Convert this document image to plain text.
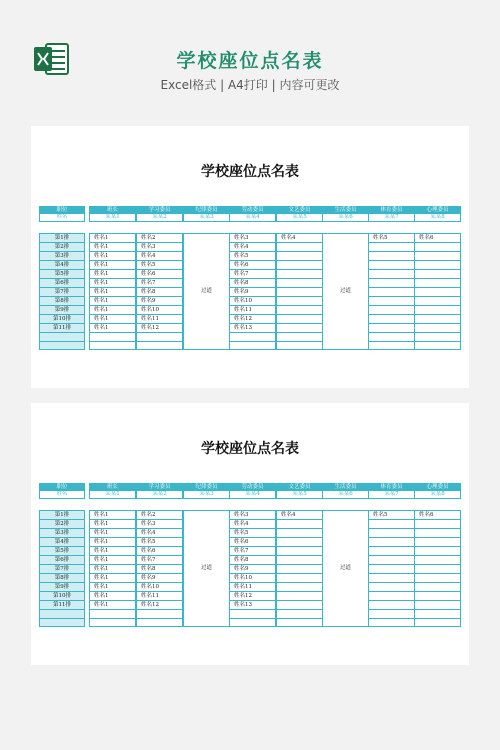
学校座位点名表
Excel格式 | A4打印 | 内容可更改
学校座位点名表
职位
姓名
第1排
第2排
第3排
第4排
第5排
第6排
第7排
第8排
第9排
第10排
第11排
班长
某某1
姓名1
姓名1
姓名1
姓名1
姓名1
姓名1
姓名1
姓名1
姓名1
姓名1
姓名1
学习委员
某某2
姓名2
姓名3
姓名4
姓名5
姓名6
姓名7
姓名8
姓名9
姓名10
姓名11
姓名12
纪律委员
某某3
过道
劳动委员
某某4
姓名3
姓名4
姓名5
姓名6
姓名7
姓名8
姓名9
姓名10
姓名11
姓名12
姓名13
文艺委员
某某5
姓名4
生活委员
某某6
过道
体育委员
某某7
姓名5
心理委员
某某8
姓名6
学校座位点名表
职位
姓名
第1排
第2排
第3排
第4排
第5排
第6排
第7排
第8排
第9排
第10排
第11排
班长
某某1
姓名1
姓名1
姓名1
姓名1
姓名1
姓名1
姓名1
姓名1
姓名1
姓名1
姓名1
学习委员
某某2
姓名2
姓名3
姓名4
姓名5
姓名6
姓名7
姓名8
姓名9
姓名10
姓名11
姓名12
纪律委员
某某3
过道
劳动委员
某某4
姓名3
姓名4
姓名5
姓名6
姓名7
姓名8
姓名9
姓名10
姓名11
姓名12
姓名13
文艺委员
某某5
姓名4
生活委员
某某6
过道
体育委员
某某7
姓名5
心理委员
某某8
姓名6
